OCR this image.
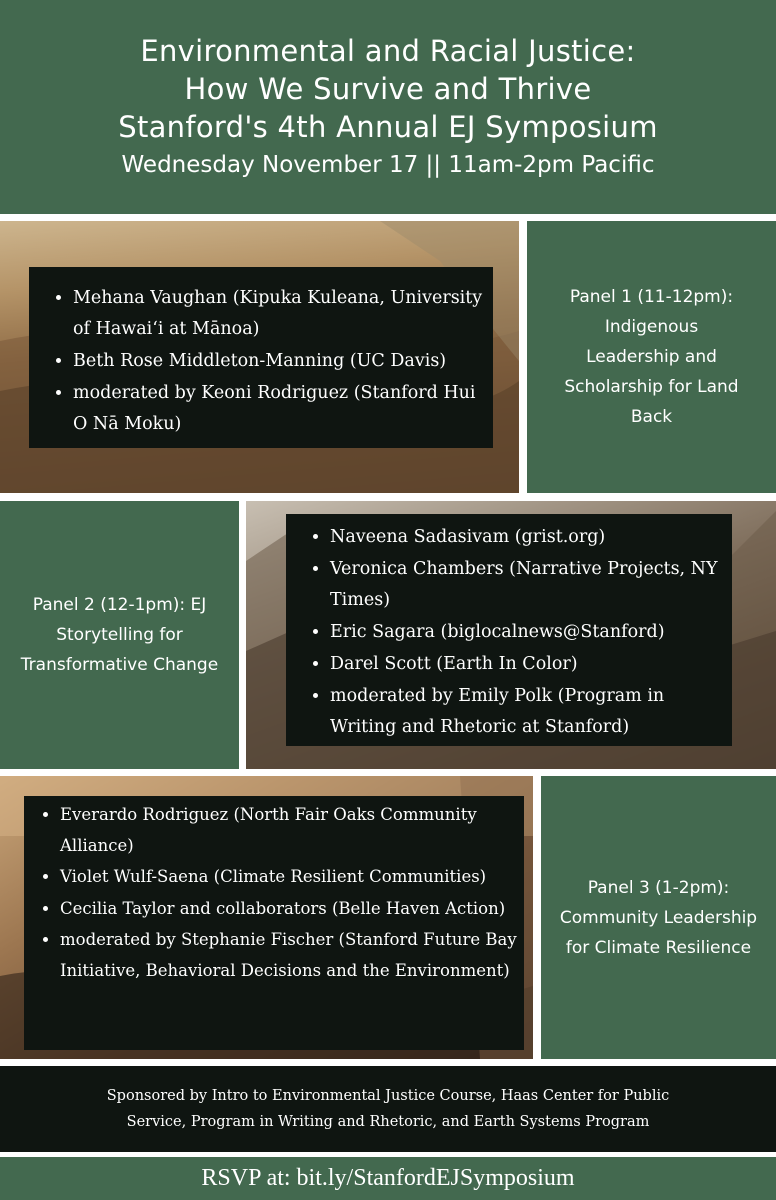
Environmental and Racial Justice:
How We Survive and Thrive
Stanford's 4th Annual EJ Symposium
Wednesday November 17 || 11am-2pm Pacific
• Mehana Vaughan (Kipuka Kuleana, University of Hawaiʻi at Mānoa)
• Beth Rose Middleton-Manning (UC Davis)
• moderated by Keoni Rodriguez (Stanford Hui O Nā Moku)
Panel 1 (11-12pm): Indigenous Leadership and Scholarship for Land Back
Panel 2 (12-1pm): EJ Storytelling for Transformative Change
• Naveena Sadasivam (grist.org)
• Veronica Chambers (Narrative Projects, NY Times)
• Eric Sagara (biglocalnews@Stanford)
• Darel Scott (Earth In Color)
• moderated by Emily Polk (Program in Writing and Rhetoric at Stanford)
• Everardo Rodriguez (North Fair Oaks Community Alliance)
• Violet Wulf-Saena (Climate Resilient Communities)
• Cecilia Taylor and collaborators (Belle Haven Action)
• moderated by Stephanie Fischer (Stanford Future Bay Initiative, Behavioral Decisions and the Environment)
Panel 3 (1-2pm): Community Leadership for Climate Resilience
Sponsored by Intro to Environmental Justice Course, Haas Center for Public Service, Program in Writing and Rhetoric, and Earth Systems Program
RSVP at: bit.ly/StanfordEJSymposium
